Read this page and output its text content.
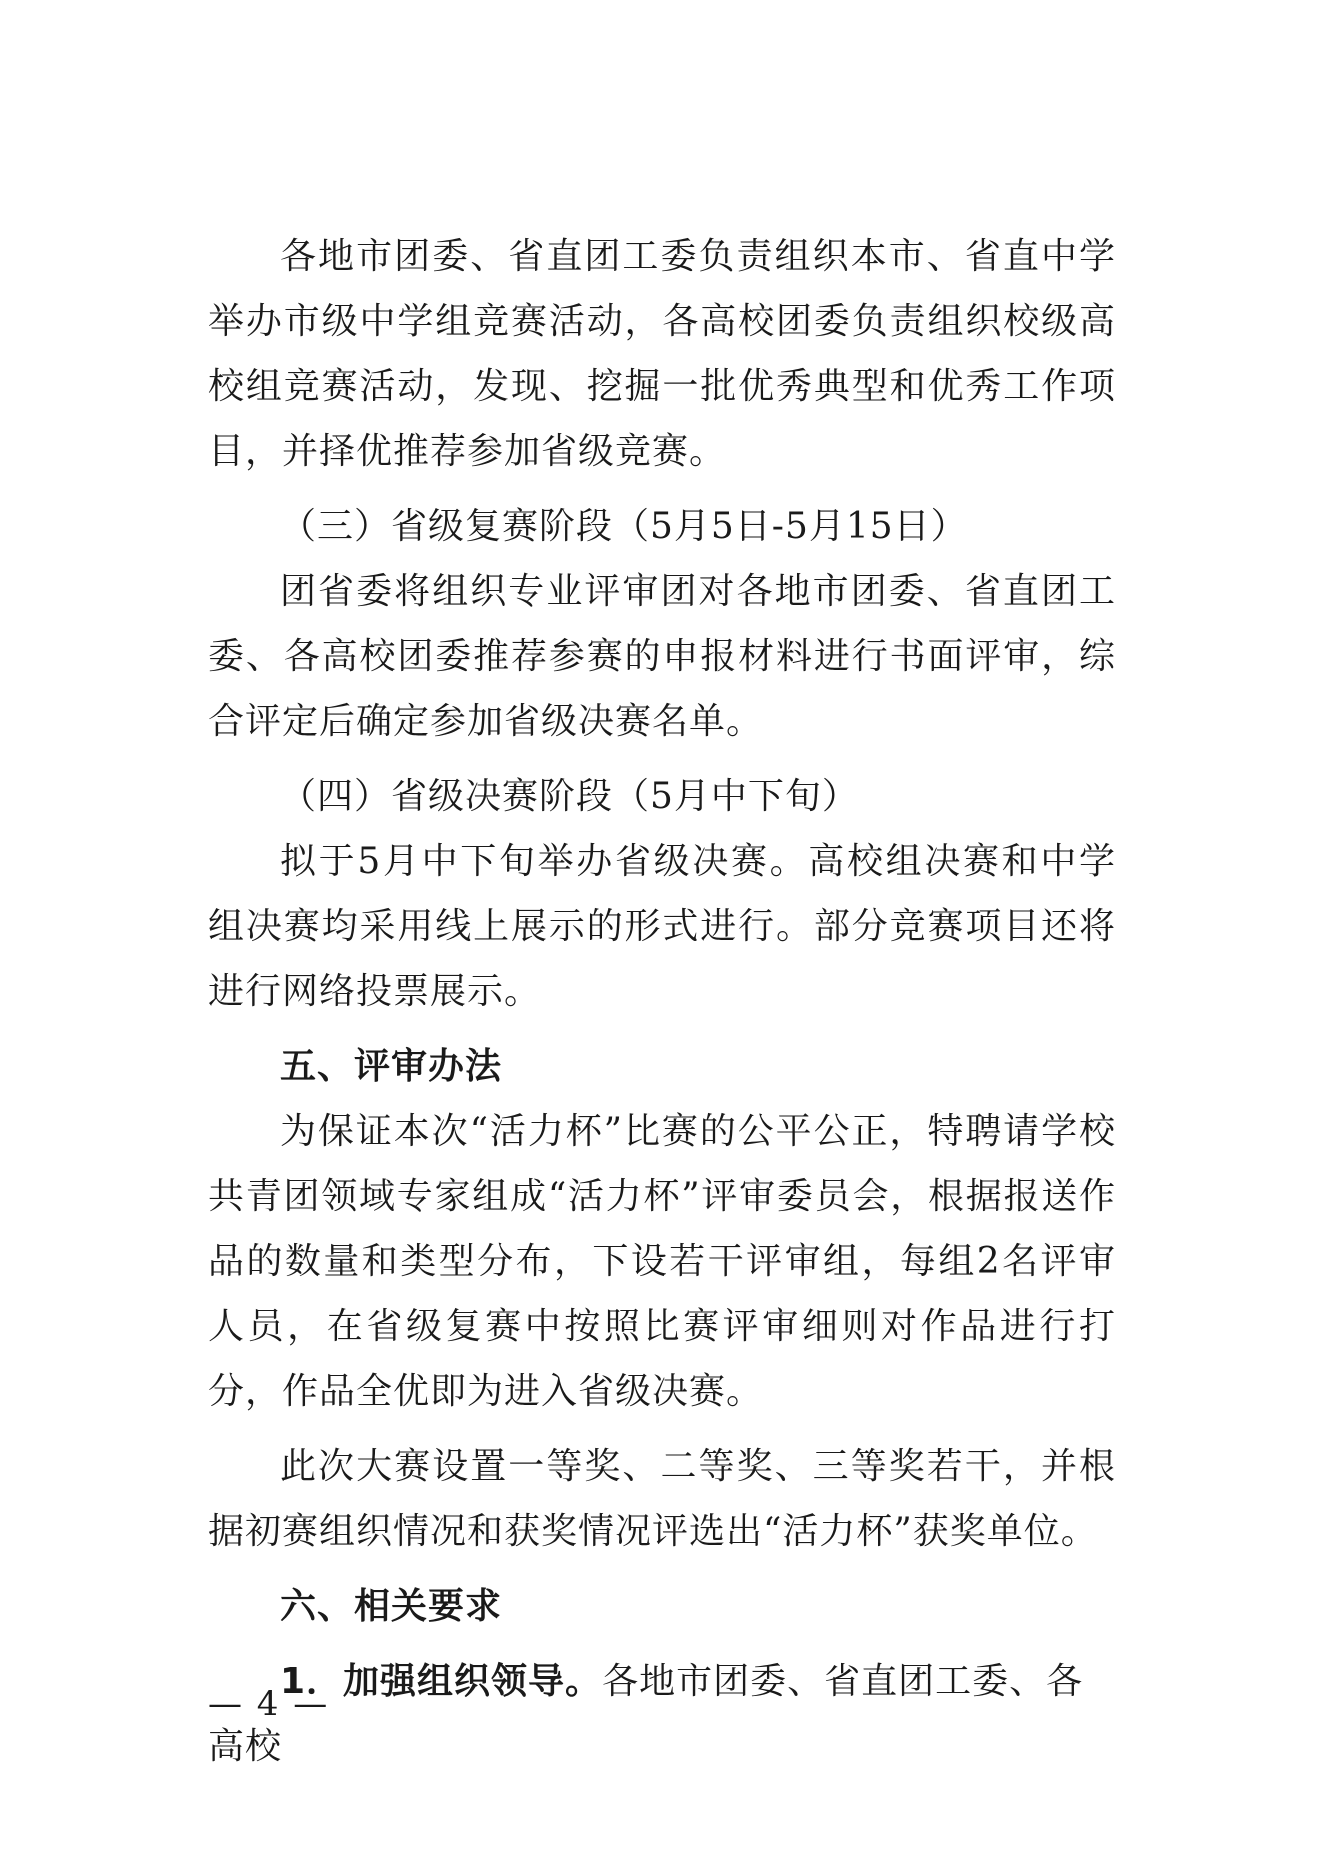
各地市团委、省直团工委负责组织本市、省直中学举办市级中学组竞赛活动，各高校团委负责组织校级高校组竞赛活动，发现、挖掘一批优秀典型和优秀工作项目，并择优推荐参加省级竞赛。

（三）省级复赛阶段（5月5日-5月15日）

团省委将组织专业评审团对各地市团委、省直团工委、各高校团委推荐参赛的申报材料进行书面评审，综合评定后确定参加省级决赛名单。

（四）省级决赛阶段（5月中下旬）

拟于5月中下旬举办省级决赛。高校组决赛和中学组决赛均采用线上展示的形式进行。部分竞赛项目还将进行网络投票展示。

五、评审办法

为保证本次“活力杯”比赛的公平公正，特聘请学校共青团领域专家组成“活力杯”评审委员会，根据报送作品的数量和类型分布，下设若干评审组，每组2名评审人员，在省级复赛中按照比赛评审细则对作品进行打分，作品全优即为进入省级决赛。

此次大赛设置一等奖、二等奖、三等奖若干，并根据初赛组织情况和获奖情况评选出“活力杯”获奖单位。

六、相关要求

1．加强组织领导。各地市团委、省直团工委、各高校

— 4 —
